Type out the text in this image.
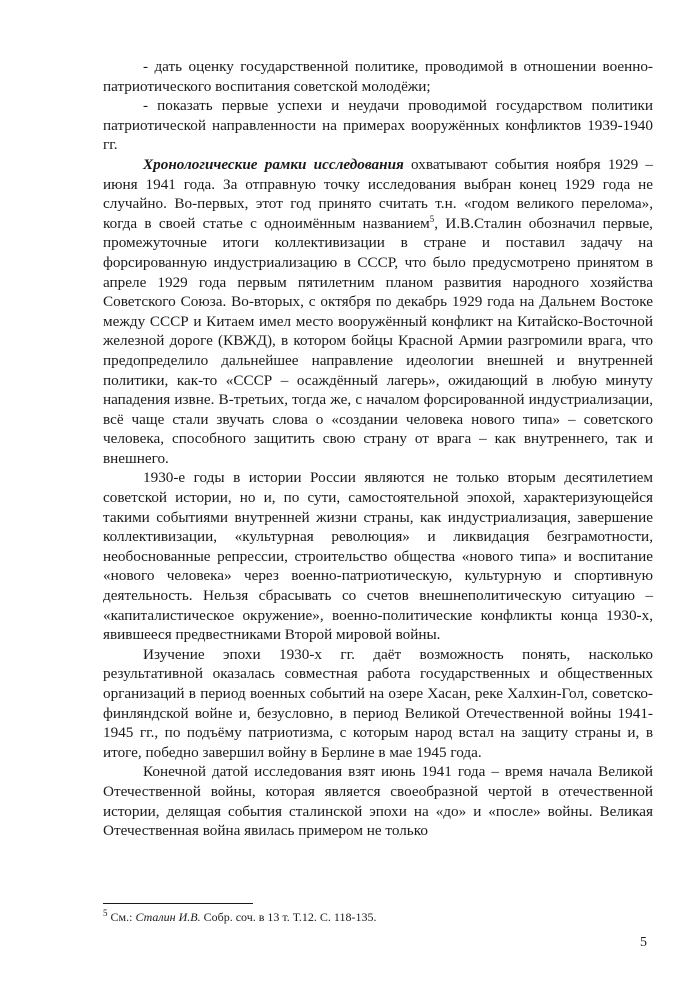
- дать оценку государственной политике, проводимой в отношении военно-патриотического воспитания советской молодёжи;

- показать первые успехи и неудачи проводимой государством политики патриотической направленности на примерах вооружённых конфликтов 1939-1940 гг.

Хронологические рамки исследования охватывают события ноября 1929 – июня 1941 года. За отправную точку исследования выбран конец 1929 года не случайно. Во-первых, этот год принято считать т.н. «годом великого перелома», когда в своей статье с одноимённым названием$^5$, И.В.Сталин обозначил первые, промежуточные итоги коллективизации в стране и поставил задачу на форсированную индустриализацию в СССР, что было предусмотрено принятом в апреле 1929 года первым пятилетним планом развития народного хозяйства Советского Союза. Во-вторых, с октября по декабрь 1929 года на Дальнем Востоке между СССР и Китаем имел место вооружённый конфликт на Китайско-Восточной железной дороге (КВЖД), в котором бойцы Красной Армии разгромили врага, что предопределило дальнейшее направление идеологии внешней и внутренней политики, как-то «СССР – осаждённый лагерь», ожидающий в любую минуту нападения извне. В-третьих, тогда же, с началом форсированной индустриализации, всё чаще стали звучать слова о «создании человека нового типа» – советского человека, способного защитить свою страну от врага – как внутреннего, так и внешнего.

1930-е годы в истории России являются не только вторым десятилетием советской истории, но и, по сути, самостоятельной эпохой, характеризующейся такими событиями внутренней жизни страны, как индустриализация, завершение коллективизации, «культурная революция» и ликвидация безграмотности, необоснованные репрессии, строительство общества «нового типа» и воспитание «нового человека» через военно-патриотическую, культурную и спортивную деятельность. Нельзя сбрасывать со счетов внешнеполитическую ситуацию – «капиталистическое окружение», военно-политические конфликты конца 1930-х, явившееся предвестниками Второй мировой войны.

Изучение эпохи 1930-х гг. даёт возможность понять, насколько результативной оказалась совместная работа государственных и общественных организаций в период военных событий на озере Хасан, реке Халхин-Гол, советско-финляндской войне и, безусловно, в период Великой Отечественной войны 1941-1945 гг., по подъёму патриотизма, с которым народ встал на защиту страны и, в итоге, победно завершил войну в Берлине в мае 1945 года.

Конечной датой исследования взят июнь 1941 года – время начала Великой Отечественной войны, которая является своеобразной чертой в отечественной истории, делящая события сталинской эпохи на «до» и «после» войны. Великая Отечественная война явилась примером не только

$^5$ См.: Сталин И.В. Собр. соч. в 13 т. Т.12. С. 118-135.
5
